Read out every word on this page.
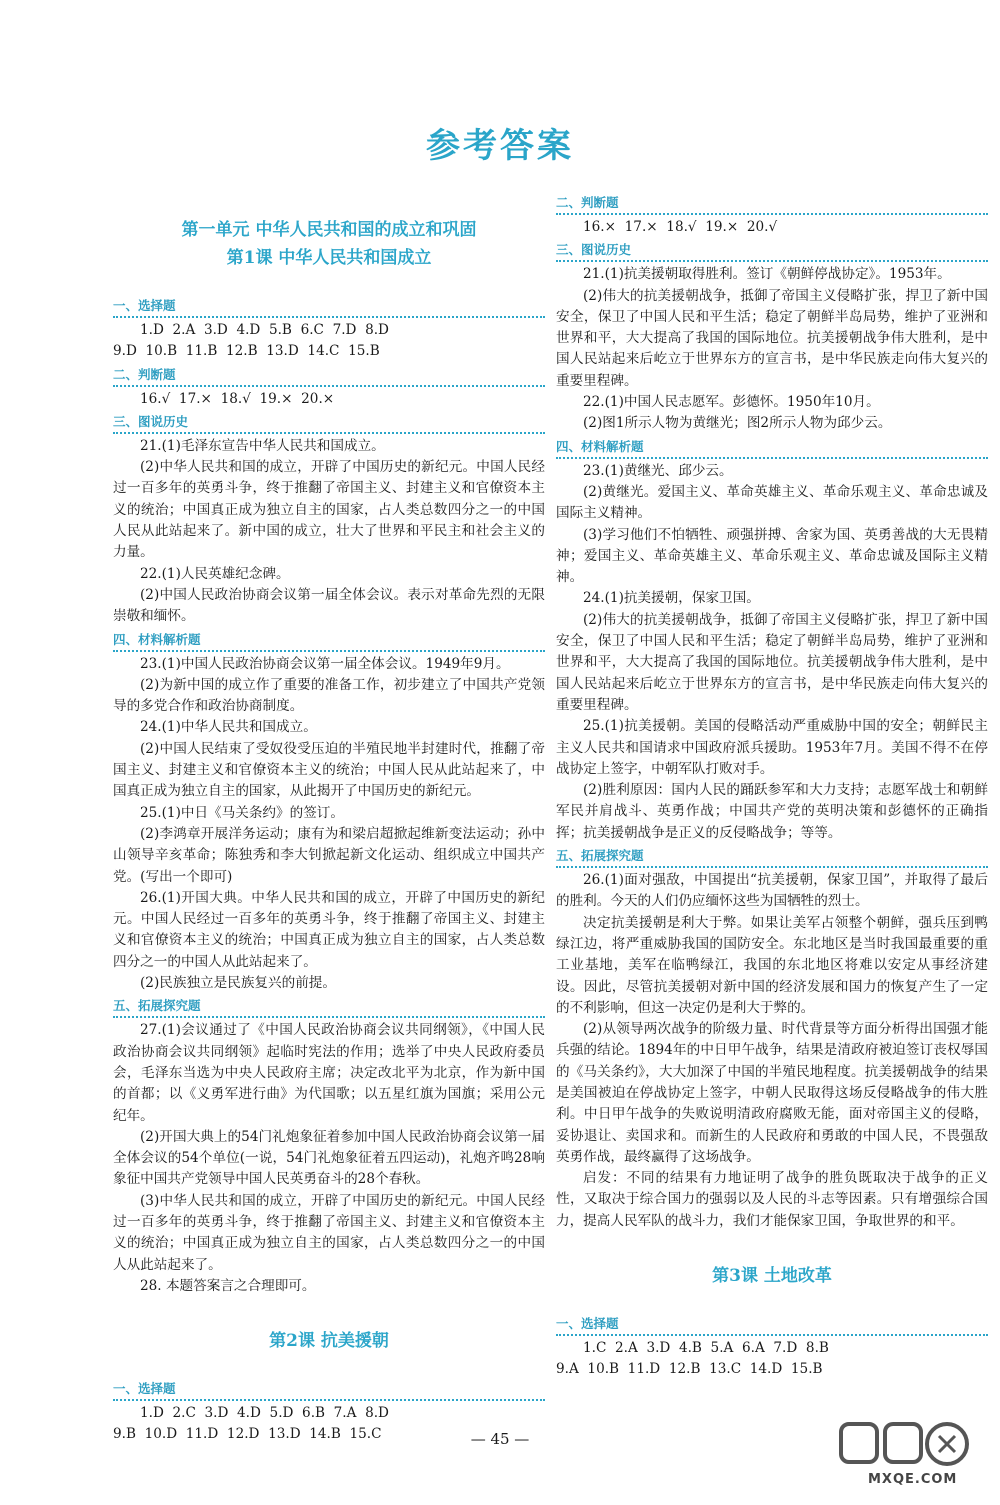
参考答案
第一单元 中华人民共和国的成立和巩固
第1课 中华人民共和国成立
一、选择题

1.D  2.A  3.D  4.D  5.B  6.C  7.D  8.D

9.D  10.B  11.B  12.B  13.D  14.C  15.B

二、判断题

16.√  17.×  18.√  19.×  20.×

三、图说历史

21.(1)毛泽东宣告中华人民共和国成立。

(2)中华人民共和国的成立，开辟了中国历史的新纪元。中国人民经过一百多年的英勇斗争，终于推翻了帝国主义、封建主义和官僚资本主义的统治；中国真正成为独立自主的国家，占人类总数四分之一的中国人民从此站起来了。新中国的成立，壮大了世界和平民主和社会主义的力量。

22.(1)人民英雄纪念碑。

(2)中国人民政治协商会议第一届全体会议。表示对革命先烈的无限崇敬和缅怀。

四、材料解析题

23.(1)中国人民政治协商会议第一届全体会议。1949年9月。

(2)为新中国的成立作了重要的准备工作，初步建立了中国共产党领导的多党合作和政治协商制度。

24.(1)中华人民共和国成立。

(2)中国人民结束了受奴役受压迫的半殖民地半封建时代，推翻了帝国主义、封建主义和官僚资本主义的统治；中国人民从此站起来了，中国真正成为独立自主的国家，从此揭开了中国历史的新纪元。

25.(1)中日《马关条约》的签订。

(2)李鸿章开展洋务运动；康有为和梁启超掀起维新变法运动；孙中山领导辛亥革命；陈独秀和李大钊掀起新文化运动、组织成立中国共产党。(写出一个即可)

26.(1)开国大典。中华人民共和国的成立，开辟了中国历史的新纪元。中国人民经过一百多年的英勇斗争，终于推翻了帝国主义、封建主义和官僚资本主义的统治；中国真正成为独立自主的国家，占人类总数四分之一的中国人从此站起来了。

(2)民族独立是民族复兴的前提。

五、拓展探究题

27.(1)会议通过了《中国人民政治协商会议共同纲领》，《中国人民政治协商会议共同纲领》起临时宪法的作用；选举了中央人民政府委员会，毛泽东当选为中央人民政府主席；决定改北平为北京，作为新中国的首都；以《义勇军进行曲》为代国歌；以五星红旗为国旗；采用公元纪年。

(2)开国大典上的54门礼炮象征着参加中国人民政治协商会议第一届全体会议的54个单位(一说，54门礼炮象征着五四运动)，礼炮齐鸣28响象征中国共产党领导中国人民英勇奋斗的28个春秋。

(3)中华人民共和国的成立，开辟了中国历史的新纪元。中国人民经过一百多年的英勇斗争，终于推翻了帝国主义、封建主义和官僚资本主义的统治；中国真正成为独立自主的国家，占人类总数四分之一的中国人从此站起来了。

28. 本题答案言之合理即可。

第2课 抗美援朝
一、选择题

1.D  2.C  3.D  4.D  5.D  6.B  7.A  8.D

9.B  10.D  11.D  12.D  13.D  14.B  15.C

二、判断题

16.×  17.×  18.√  19.×  20.√

三、图说历史

21.(1)抗美援朝取得胜利。签订《朝鲜停战协定》。1953年。

(2)伟大的抗美援朝战争，抵御了帝国主义侵略扩张，捍卫了新中国安全，保卫了中国人民和平生活；稳定了朝鲜半岛局势，维护了亚洲和世界和平，大大提高了我国的国际地位。抗美援朝战争伟大胜利，是中国人民站起来后屹立于世界东方的宣言书，是中华民族走向伟大复兴的重要里程碑。

22.(1)中国人民志愿军。彭德怀。1950年10月。

(2)图1所示人物为黄继光；图2所示人物为邱少云。

四、材料解析题

23.(1)黄继光、邱少云。

(2)黄继光。爱国主义、革命英雄主义、革命乐观主义、革命忠诚及国际主义精神。

(3)学习他们不怕牺牲、顽强拼搏、舍家为国、英勇善战的大无畏精神；爱国主义、革命英雄主义、革命乐观主义、革命忠诚及国际主义精神。

24.(1)抗美援朝，保家卫国。

(2)伟大的抗美援朝战争，抵御了帝国主义侵略扩张，捍卫了新中国安全，保卫了中国人民和平生活；稳定了朝鲜半岛局势，维护了亚洲和世界和平，大大提高了我国的国际地位。抗美援朝战争伟大胜利，是中国人民站起来后屹立于世界东方的宣言书，是中华民族走向伟大复兴的重要里程碑。

25.(1)抗美援朝。美国的侵略活动严重威胁中国的安全；朝鲜民主主义人民共和国请求中国政府派兵援助。1953年7月。美国不得不在停战协定上签字，中朝军队打败对手。

(2)胜利原因：国内人民的踊跃参军和大力支持；志愿军战士和朝鲜军民并肩战斗、英勇作战；中国共产党的英明决策和彭德怀的正确指挥；抗美援朝战争是正义的反侵略战争；等等。

五、拓展探究题

26.(1)面对强敌，中国提出“抗美援朝，保家卫国”，并取得了最后的胜利。今天的人们仍应缅怀这些为国牺牲的烈士。

决定抗美援朝是利大于弊。如果让美军占领整个朝鲜，强兵压到鸭绿江边，将严重威胁我国的国防安全。东北地区是当时我国最重要的重工业基地，美军在临鸭绿江，我国的东北地区将难以安定从事经济建设。因此，尽管抗美援朝对新中国的经济发展和国力的恢复产生了一定的不利影响，但这一决定仍是利大于弊的。

(2)从领导两次战争的阶级力量、时代背景等方面分析得出国强才能兵强的结论。1894年的中日甲午战争，结果是清政府被迫签订丧权辱国的《马关条约》，大大加深了中国的半殖民地程度。抗美援朝战争的结果是美国被迫在停战协定上签字，中朝人民取得这场反侵略战争的伟大胜利。中日甲午战争的失败说明清政府腐败无能，面对帝国主义的侵略，妥协退让、卖国求和。而新生的人民政府和勇敢的中国人民，不畏强敌英勇作战，最终赢得了这场战争。

启发：不同的结果有力地证明了战争的胜负既取决于战争的正义性，又取决于综合国力的强弱以及人民的斗志等因素。只有增强综合国力，提高人民军队的战斗力，我们才能保家卫国，争取世界的和平。

第3课 土地改革
一、选择题

1.C  2.A  3.D  4.B  5.A  6.A  7.D  8.B

9.A  10.B  11.D  12.B  13.C  14.D  15.B

— 45 —
MXQE.COM
